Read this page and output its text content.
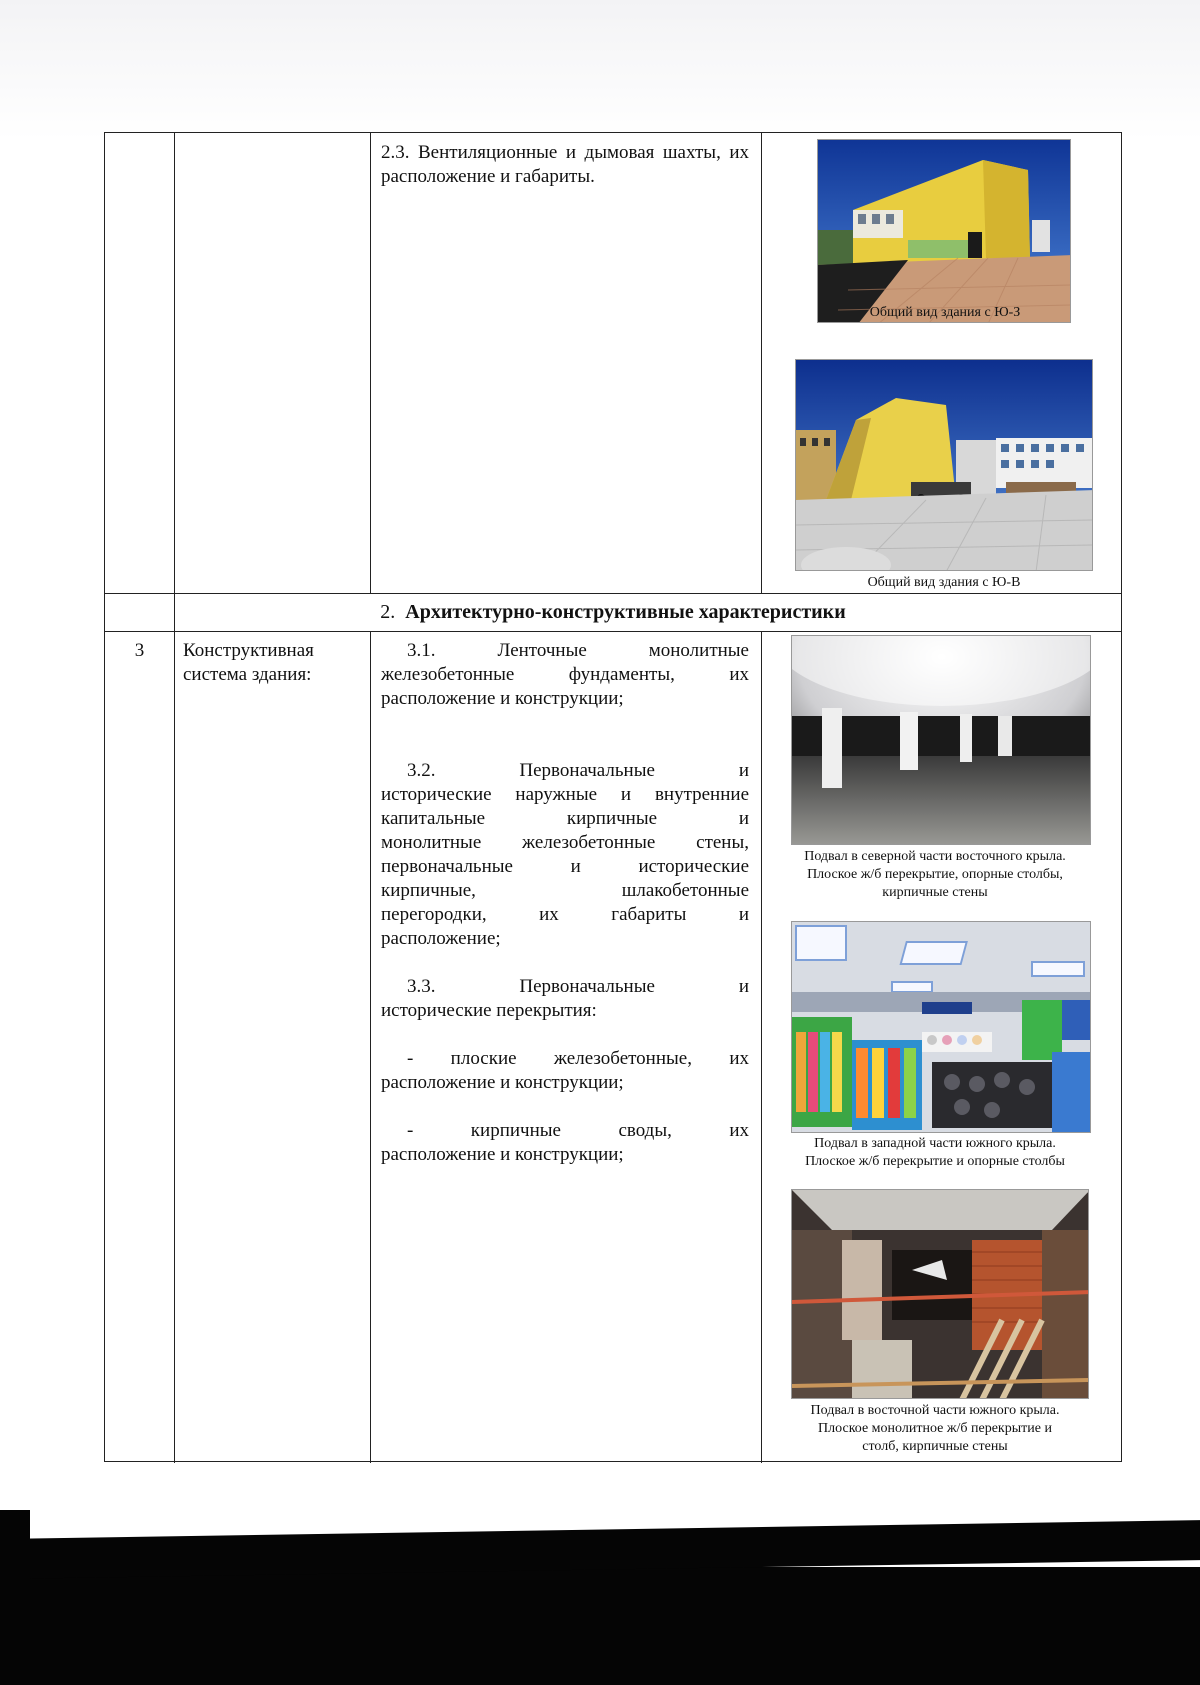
2.3. Вентиляционные и дымовая шахты, их расположение и габариты.
Общий вид здания с Ю-З
Общий вид здания с Ю-В
2. Архитектурно-конструктивные характеристики
3	Конструктивная
система здания:
3.1. Ленточные монолитные
железобетонные фундаменты, их
расположение и конструкции;
3.2. Первоначальные и
исторические наружные и внутренние
капитальные кирпичные и
монолитные железобетонные стены,
первоначальные и исторические
кирпичные, шлакобетонные
перегородки, их габариты и
расположение;
3.3. Первоначальные и
исторические перекрытия:
- плоские железобетонные, их
расположение и конструкции;
- кирпичные своды, их
расположение и конструкции;
Подвал в северной части восточного крыла.
Плоское ж/б перекрытие, опорные столбы,
кирпичные стены
Подвал в западной части южного крыла.
Плоское ж/б перекрытие и опорные столбы
Подвал в восточной части южного крыла.
Плоское монолитное ж/б перекрытие и
столб, кирпичные стены
